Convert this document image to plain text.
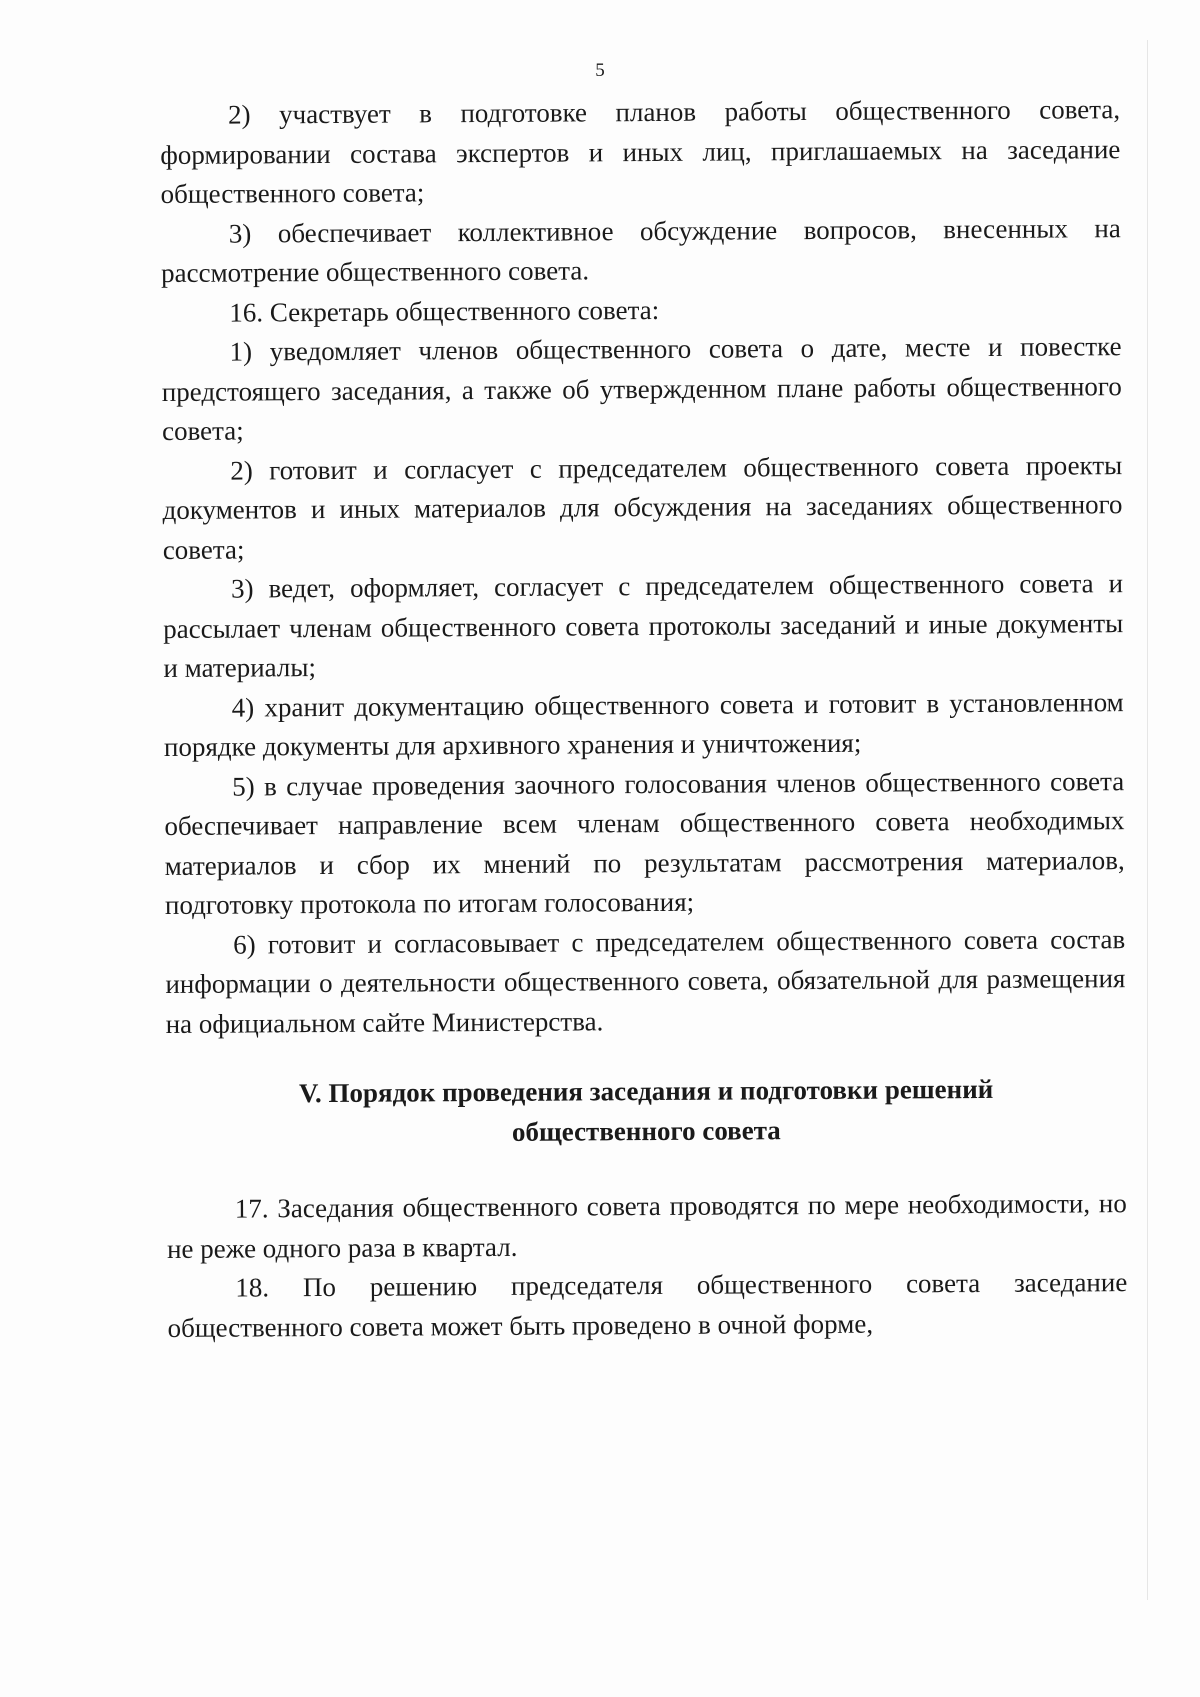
5

2) участвует в подготовке планов работы общественного совета, формировании состава экспертов и иных лиц, приглашаемых на заседание общественного совета;

3) обеспечивает коллективное обсуждение вопросов, внесенных на рассмотрение общественного совета.

16. Секретарь общественного совета:

1) уведомляет членов общественного совета о дате, месте и повестке предстоящего заседания, а также об утвержденном плане работы общественного совета;

2) готовит и согласует с председателем общественного совета проекты документов и иных материалов для обсуждения на заседаниях общественного совета;

3) ведет, оформляет, согласует с председателем общественного совета и рассылает членам общественного совета протоколы заседаний и иные документы и материалы;

4) хранит документацию общественного совета и готовит в установленном порядке документы для архивного хранения и уничтожения;

5) в случае проведения заочного голосования членов общественного совета обеспечивает направление всем членам общественного совета необходимых материалов и сбор их мнений по результатам рассмотрения материалов, подготовку протокола по итогам голосования;

6) готовит и согласовывает с председателем общественного совета состав информации о деятельности общественного совета, обязательной для размещения на официальном сайте Министерства.

V. Порядок проведения заседания и подготовки решений
общественного совета

17. Заседания общественного совета проводятся по мере необходимости, но не реже одного раза в квартал.

18. По решению председателя общественного совета заседание общественного совета может быть проведено в очной форме,
